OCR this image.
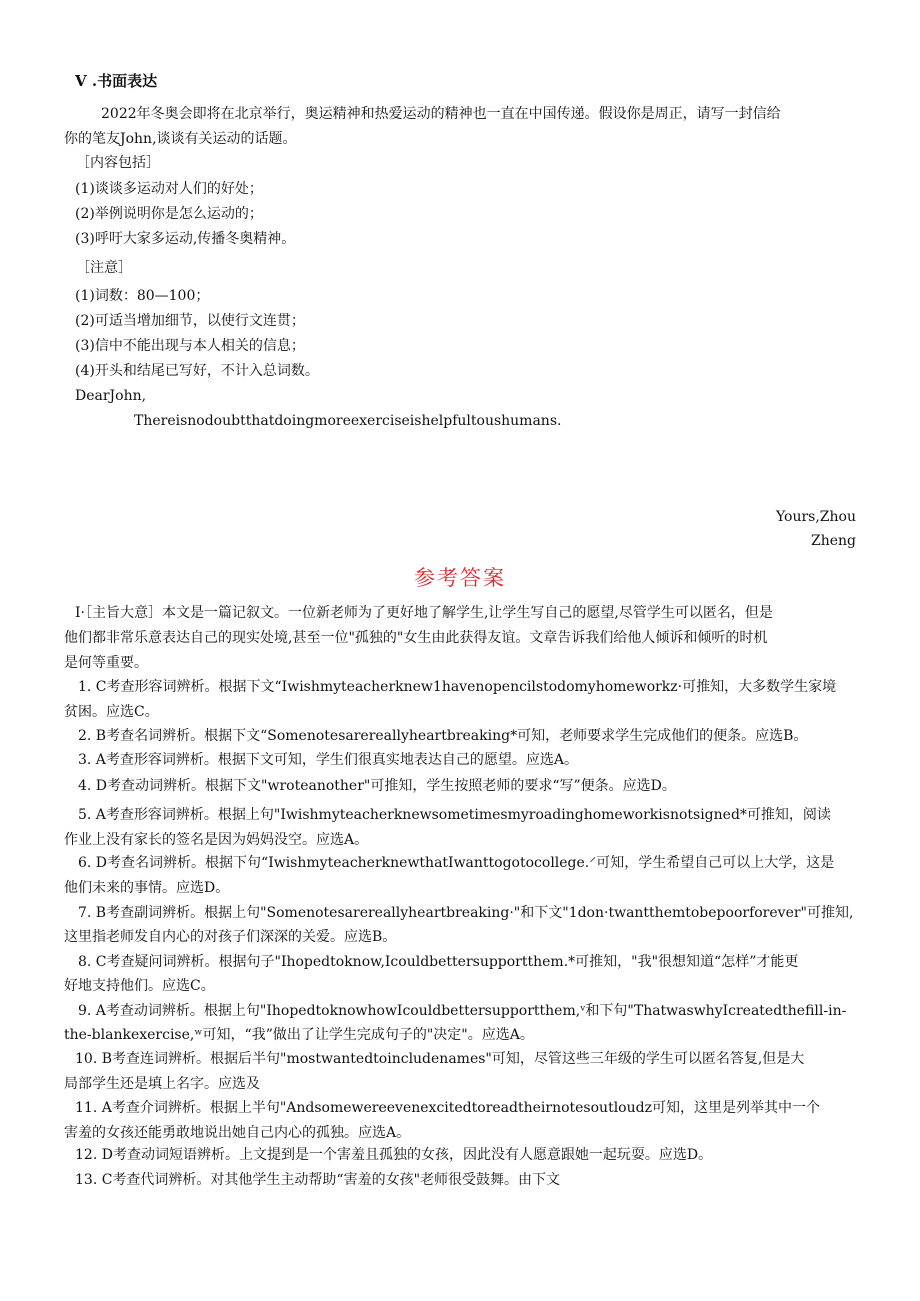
V .书面表达
2022年冬奥会即将在北京举行，奥运精神和热爱运动的精神也一直在中国传递。假设你是周正，请写一封信给
你的笔友John,谈谈有关运动的话题。
［内容包括］
(1)谈谈多运动对人们的好处；
(2)举例说明你是怎么运动的；
(3)呼吁大家多运动,传播冬奥精神。
［注意］
(1)词数：80—100；
(2)可适当增加细节，以使行文连贯；
(3)信中不能出现与本人相关的信息；
(4)开头和结尾已写好，不计入总词数。
DearJohn,
Thereisnodoubtthatdoingmoreexerciseishelpfultoushumans.
Yours,Zhou
Zheng
参考答案
I·［主旨大意］本文是一篇记叙文。一位新老师为了更好地了解学生,让学生写自己的愿望,尽管学生可以匿名，但是
他们都非常乐意表达自己的现实处境,甚至一位"孤独的"女生由此获得友谊。文章告诉我们给他人倾诉和倾听的时机
是何等重要。
1. C考查形容词辨析。根据下文“Iwishmyteacherknew1havenopencilstodomyhomeworkᴢ·可推知，大多数学生家境
贫困。应选C。
2. B考查名词辨析。根据下文“Somenotesarereallyheartbreaking*可知，老师要求学生完成他们的便条。应选B。
3. A考查形容词辨析。根据下文可知，学生们很真实地表达自己的愿望。应选A。
4. D考查动词辨析。根据下文"wroteanother"可推知，学生按照老师的要求“写”便条。应选D。
5. A考查形容词辨析。根据上句"Iwishmyteacherknewsometimesmyroadinghomeworkisnotsigned*可推知，阅读
作业上没有家长的签名是因为妈妈没空。应选A。
6. D考查名词辨析。根据下句“IwishmyteacherknewthatIwanttogotocollege.⸍可知，学生希望自己可以上大学，这是
他们未来的事情。应选D。
7. B考查副词辨析。根据上句"Somenotesarereallyheartbreaking·"和下文"1don·twantthemtobepoorforever"可推知,
这里指老师发自内心的对孩子们深深的关爱。应选B。
8. C考查疑问词辨析。根据句子"Ihopedtoknow,Icouldbettersupportthem.*可推知，"我"很想知道“怎样”才能更
好地支持他们。应选C。
9. A考查动词辨析。根据上句"IhopedtoknowhowIcouldbettersupportthem,ᵛ和下句"ThatwaswhyIcreatedthefill-in-
the-blankexercise,ʷ可知，“我”做出了让学生完成句子的"决定"。应选A。
10. B考查连词辨析。根据后半句"mostwantedtoincludenames"可知，尽管这些三年级的学生可以匿名答复,但是大
局部学生还是填上名字。应选及
11. A考查介词辨析。根据上半句"Andsomewereevenexcitedtoreadtheirnotesoutloudᴢ可知，这里是列举其中一个
害羞的女孩还能勇敢地说出她自己内心的孤独。应选A。
12. D考查动词短语辨析。上文提到是一个害羞且孤独的女孩，因此没有人愿意跟她一起玩耍。应选D。
13. C考查代词辨析。对其他学生主动帮助“害羞的女孩"老师很受鼓舞。由下文
